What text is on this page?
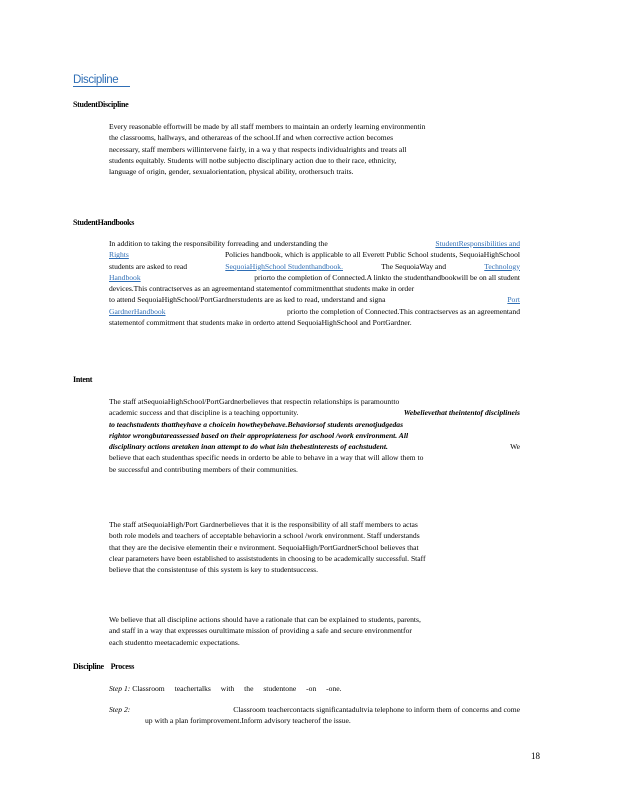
Discipline
StudentDiscipline
Every reasonable effortwill be made by all staff members to maintain an orderly learning environmentin
the classrooms, hallways, and otherareas of the school.If and when corrective action becomes
necessary, staff members willintervene fairly, in a wa y that respects individualrights and treats all
students equitably. Students will notbe subjectto disciplinary action due to their race, ethnicity,
language of origin, gender, sexualorientation, physical ability, orothersuch traits.
StudentHandbooks
In addition to taking the responsibility forreading and understanding the	StudentResponsibilities and
Rights	Policies handbook, which is applicable to all Everett Public School students, SequoiaHighSchool
students are asked to read	SequoiaHighSchool Studenthandbook.	The SequoiaWay and	Technology
Handbook	priorto the completion of Connected.A linkto the studenthandbookwill be on all student
devices.This contractserves as an agreementand statementof commitmentthat students make in order
to attend SequoiaHighSchool/PortGardnerstudents are as ked to read, understand and signa	Port
GardnerHandbook	priorto the completion of Connected.This contractserves as an agreementand
statementof commitment that students make in orderto attend SequoiaHighSchool and PortGardner.
Intent
The staff atSequoiaHighSchool/PortGardnerbelieves that respectin relationships is paramountto
academic success and that discipline is a teaching opportunity.	Webelievethat theintentof disciplineis
to teachstudents thattheyhave a choicein howtheybehave.Behaviorsof students arenotjudgedas
rightor wrongbutareassessed based on their appropriateness for aschool /work environment. All
disciplinary actions aretaken inan attempt to do what isin thebestinterests of eachstudent.	We
believe that each studenthas specific needs in orderto be able to behave in a way that will allow them to
be successful and contributing members of their communities.
The staff atSequoiaHigh/Port Gardnerbelieves that it is the responsibility of all staff members to actas
both role models and teachers of acceptable behaviorin a school /work environment. Staff understands
that they are the decisive elementin their e nvironment. SequoiaHigh/PortGardnerSchool believes that
clear parameters have been established to assiststudents in choosing to be academically successful. Staff
believe that the consistentuse of this system is key to studentsuccess.
We believe that all discipline actions should have a rationale that can be explained to students, parents,
and staff in a way that expresses ourultimate mission of providing a safe and secure environmentfor
each studentto meetacademic expectations.
Discipline    Process
Step 1: Classroom teachertalks with the studentone -on -one.
Step 2:	Classroom teachercontacts significantadultvia telephone to inform them of concerns and come
up with a plan forimprovement.Inform advisory teacherof the issue.
18
